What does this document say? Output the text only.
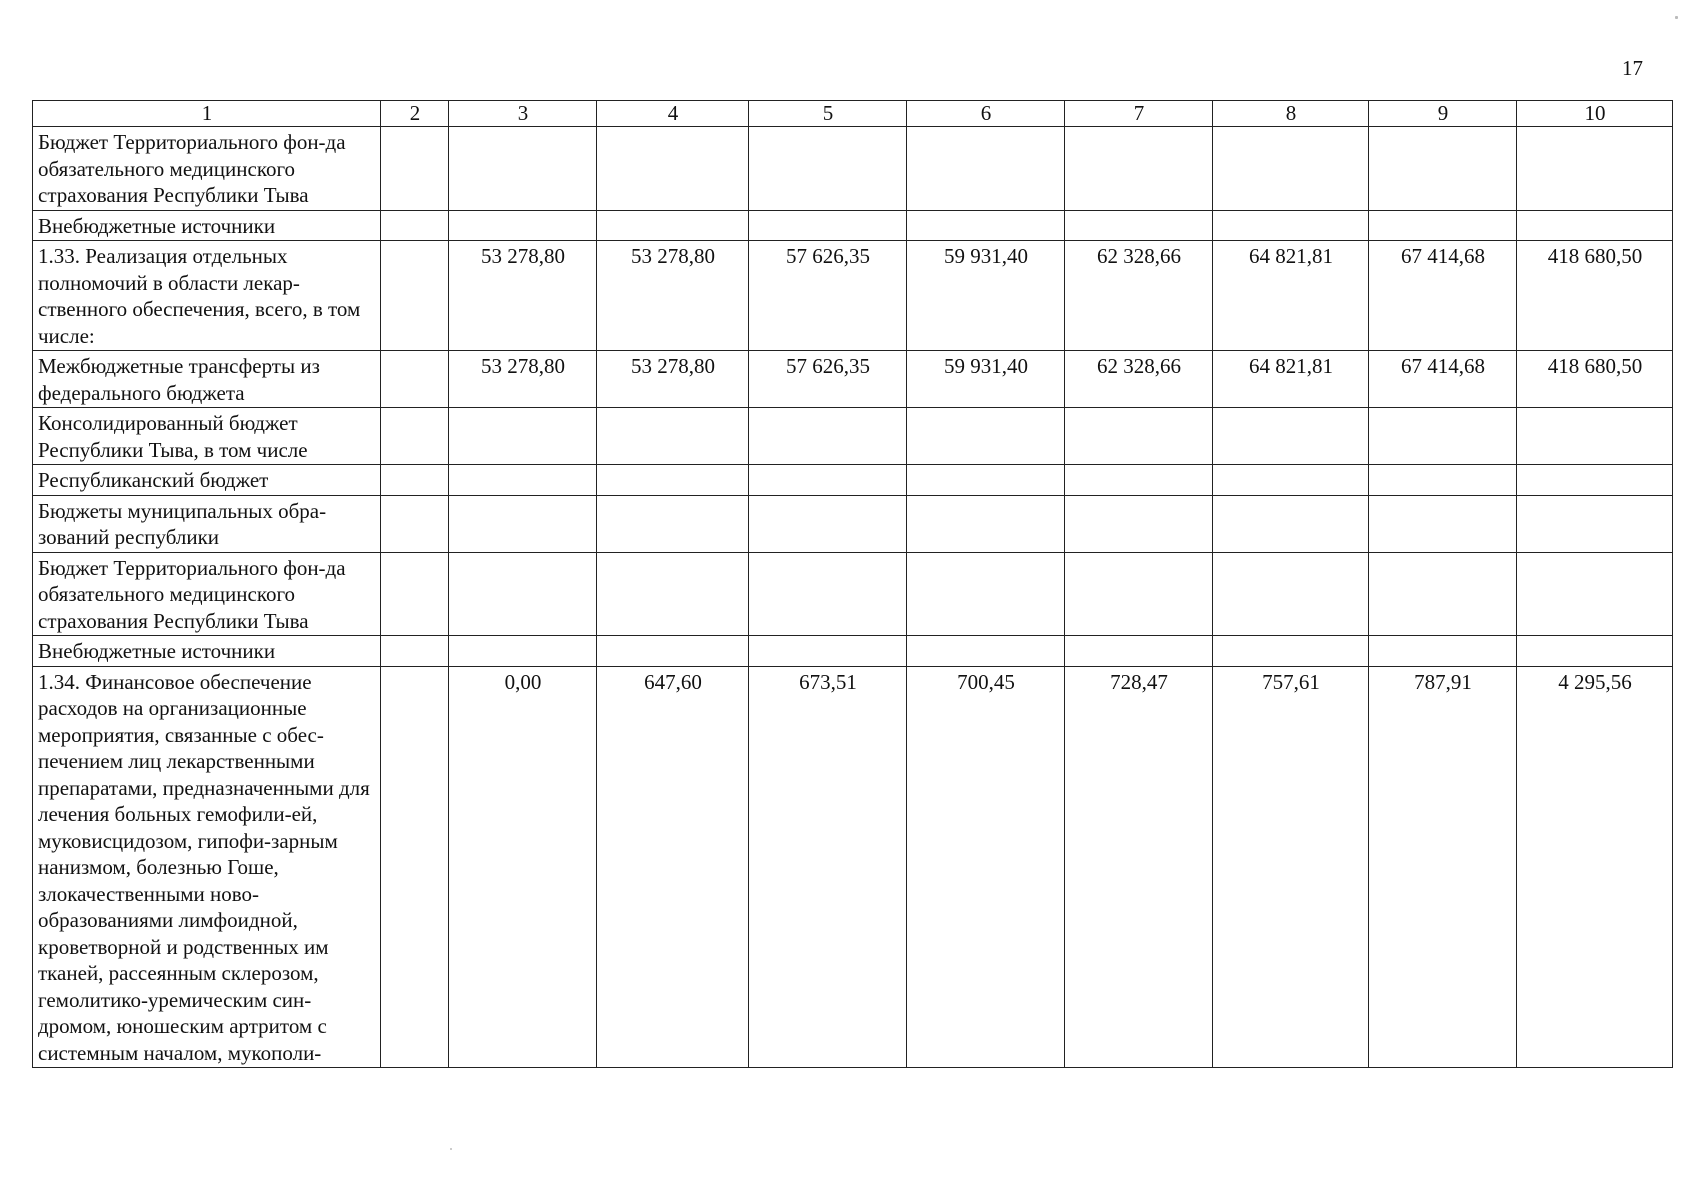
17
1	2	3	4	5	6	7	8	9	10
Бюджет Территориального фон-да обязательного медицинского страхования Республики Тыва									
Внебюджетные источники									
1.33. Реализация отдельных полномочий в области лекар-ственного обеспечения, всего, в том числе:		53 278,80	53 278,80	57 626,35	59 931,40	62 328,66	64 821,81	67 414,68	418 680,50
Межбюджетные трансферты из федерального бюджета		53 278,80	53 278,80	57 626,35	59 931,40	62 328,66	64 821,81	67 414,68	418 680,50
Консолидированный бюджет Республики Тыва, в том числе									
Республиканский бюджет									
Бюджеты муниципальных обра-зований республики									
Бюджет Территориального фон-да обязательного медицинского страхования Республики Тыва									
Внебюджетные источники									
1.34. Финансовое обеспечение расходов на организационные мероприятия, связанные с обес-печением лиц лекарственными препаратами, предназначенными для лечения больных гемофили-ей, муковисцидозом, гипофи-зарным нанизмом, болезнью Гоше, злокачественными ново-образованиями лимфоидной, кроветворной и родственных им тканей, рассеянным склерозом, гемолитико-уремическим син-дромом, юношеским артритом с системным началом, мукополи-		0,00	647,60	673,51	700,45	728,47	757,61	787,91	4 295,56
